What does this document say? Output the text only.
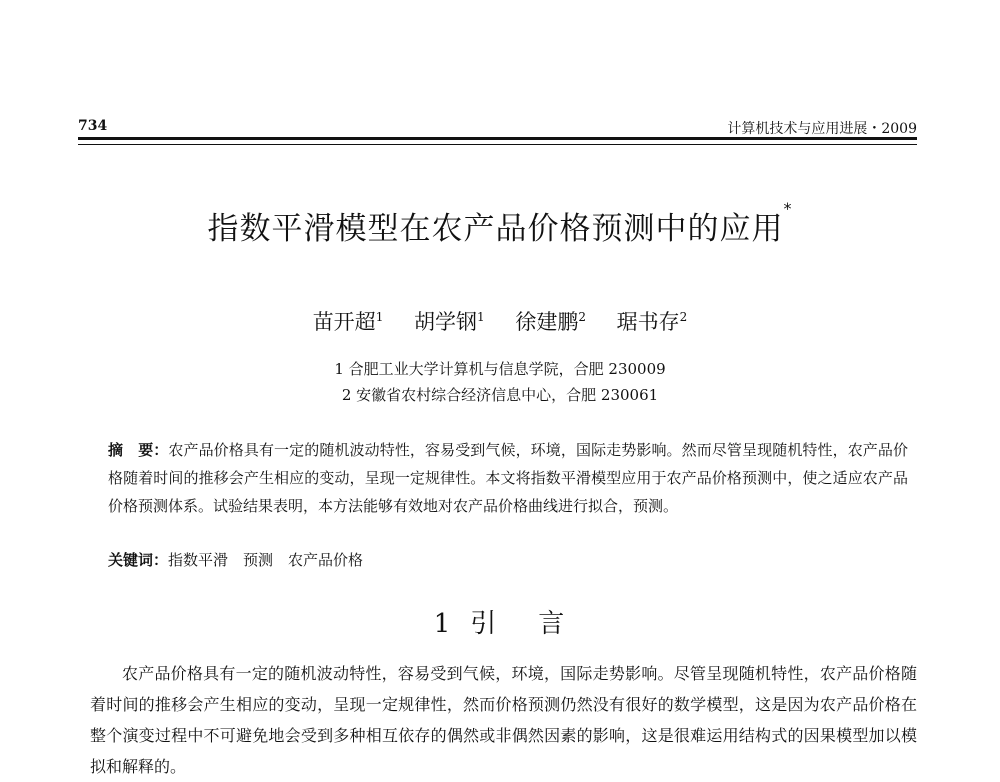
734	计算机技术与应用进展・2009
指数平滑模型在农产品价格预测中的应用*
苗开超$^1$ 胡学钢$^1$ 徐建鹏$^2$ 琚书存$^2$
1 合肥工业大学计算机与信息学院，合肥 230009
2 安徽省农村综合经济信息中心，合肥 230061
摘　要：农产品价格具有一定的随机波动特性，容易受到气候，环境，国际走势影响。然而尽管呈现随机特性，农产品价格随着时间的推移会产生相应的变动，呈现一定规律性。本文将指数平滑模型应用于农产品价格预测中，使之适应农产品价格预测体系。试验结果表明，本方法能够有效地对农产品价格曲线进行拟合，预测。
关键词：指数平滑　预测　农产品价格
1 引 言
农产品价格具有一定的随机波动特性，容易受到气候，环境，国际走势影响。尽管呈现随机特性，农产品价格随着时间的推移会产生相应的变动，呈现一定规律性，然而价格预测仍然没有很好的数学模型，这是因为农产品价格在整个演变过程中不可避免地会受到多种相互依存的偶然或非偶然因素的影响，这是很难运用结构式的因果模型加以模拟和解释的。
